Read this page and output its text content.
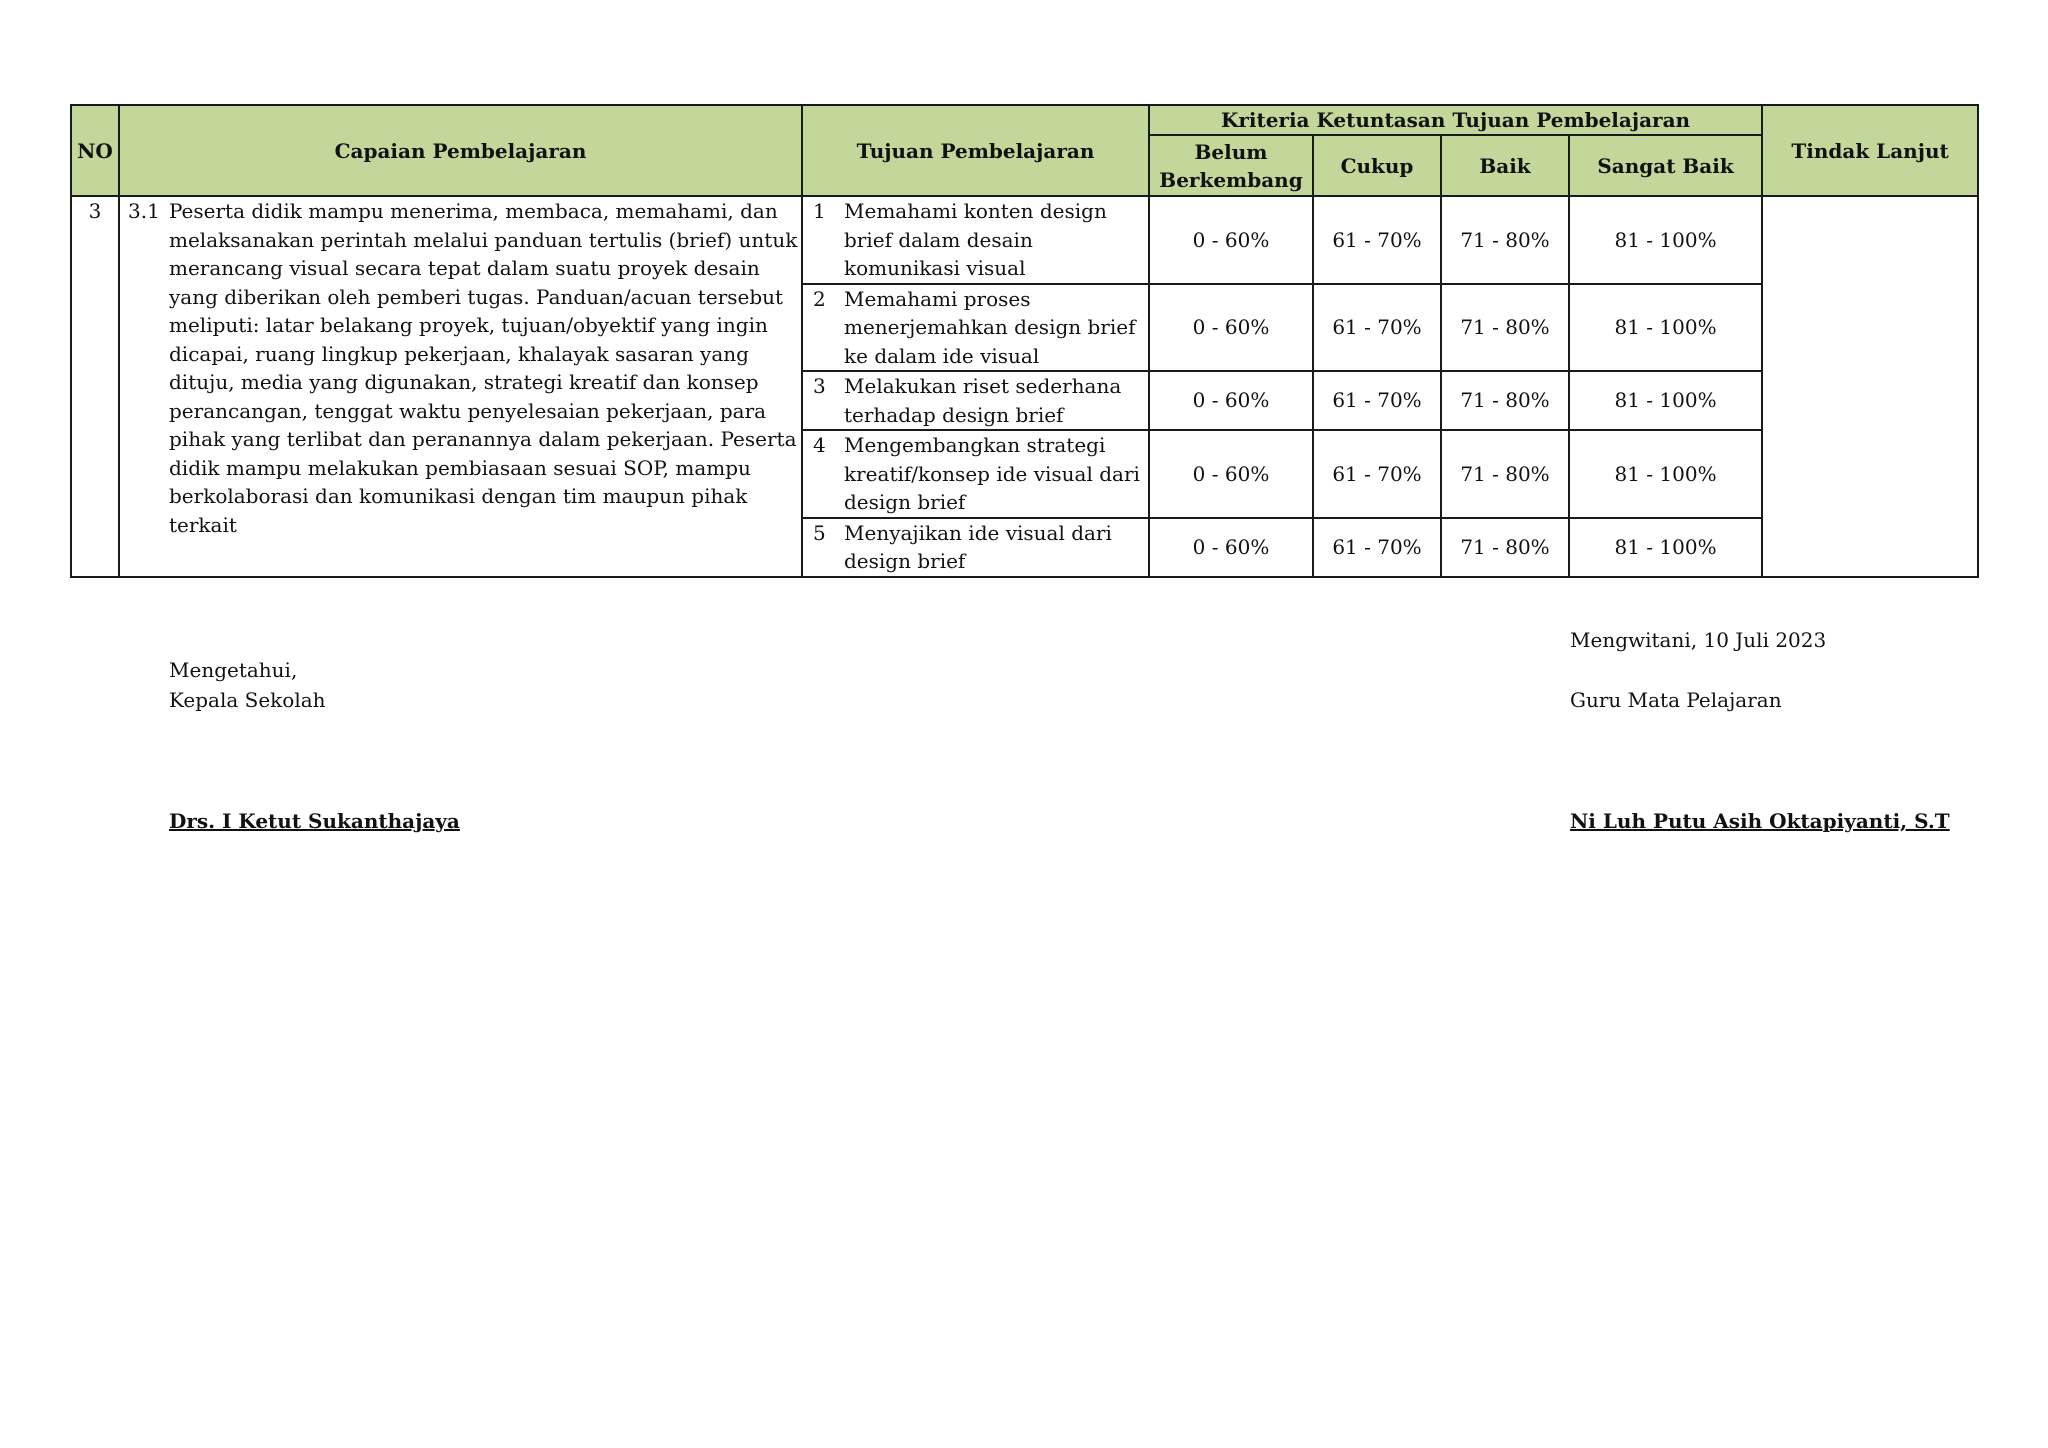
NO	Capaian Pembelajaran	Tujuan Pembelajaran	Kriteria Ketuntasan Tujuan Pembelajaran				Tindak Lanjut
			Belum Berkembang	Cukup	Baik	Sangat Baik	
3	3.1 Peserta didik mampu menerima, membaca, memahami, dan melaksanakan perintah melalui panduan tertulis (brief) untuk merancang visual secara tepat dalam suatu proyek desain yang diberikan oleh pemberi tugas. Panduan/acuan tersebut meliputi: latar belakang proyek, tujuan/obyektif yang ingin dicapai, ruang lingkup pekerjaan, khalayak sasaran yang dituju, media yang digunakan, strategi kreatif dan konsep perancangan, tenggat waktu penyelesaian pekerjaan, para pihak yang terlibat dan peranannya dalam pekerjaan. Peserta didik mampu melakukan pembiasaan sesuai SOP, mampu berkolaborasi dan komunikasi dengan tim maupun pihak terkait	1 Memahami konten design brief dalam desain komunikasi visual	0 - 60%	61 - 70%	71 - 80%	81 - 100%	

		2 Memahami proses menerjemahkan design brief ke dalam ide visual	0 - 60%	61 - 70%	71 - 80%	81 - 100%	

		3 Melakukan riset sederhana terhadap design brief	0 - 60%	61 - 70%	71 - 80%	81 - 100%	

		4 Mengembangkan strategi kreatif/konsep ide visual dari design brief	0 - 60%	61 - 70%	71 - 80%	81 - 100%	

		5 Menyajikan ide visual dari design brief	0 - 60%	61 - 70%	71 - 80%	81 - 100%	
Mengetahui,
Kepala Sekolah
Drs. I Ketut Sukanthajaya
Mengwitani, 10 Juli 2023
Guru Mata Pelajaran
Ni Luh Putu Asih Oktapiyanti, S.T
